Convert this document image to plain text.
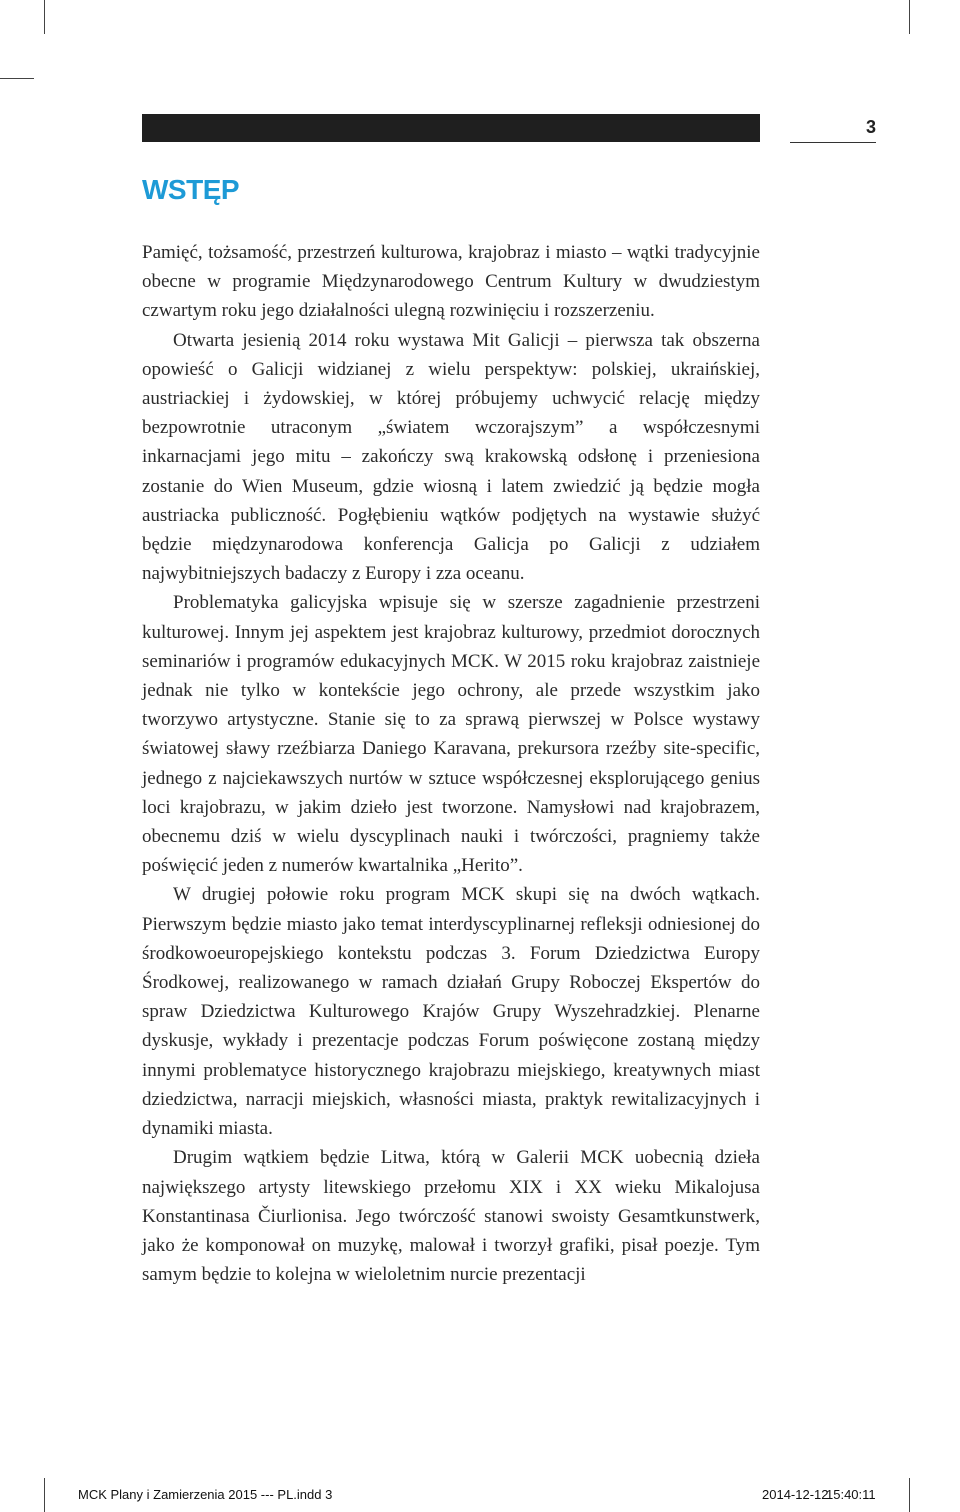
3
WSTĘP

Pamięć, tożsamość, przestrzeń kulturowa, krajobraz i miasto – wątki tradycyjnie obecne w programie Międzynarodowego Centrum Kultury w dwudziestym czwartym roku jego działalności ulegną rozwinięciu i rozszerzeniu.

Otwarta jesienią 2014 roku wystawa Mit Galicji – pierwsza tak obszerna opowieść o Galicji widzianej z wielu perspektyw: polskiej, ukraińskiej, austriackiej i żydowskiej, w której próbujemy uchwycić relację między bezpowrotnie utraconym „światem wczorajszym” a współczesnymi inkarnacjami jego mitu – zakończy swą krakowską odsłonę i przeniesiona zostanie do Wien Museum, gdzie wiosną i latem zwiedzić ją będzie mogła austriacka publiczność. Pogłębieniu wątków podjętych na wystawie służyć będzie międzynarodowa konferencja Galicja po Galicji z udziałem najwybitniejszych badaczy z Europy i zza oceanu.

Problematyka galicyjska wpisuje się w szersze zagadnienie przestrzeni kulturowej. Innym jej aspektem jest krajobraz kulturowy, przedmiot dorocznych seminariów i programów edukacyjnych MCK. W 2015 roku krajobraz zaistnieje jednak nie tylko w kontekście jego ochrony, ale przede wszystkim jako tworzywo artystyczne. Stanie się to za sprawą pierwszej w Polsce wystawy światowej sławy rzeźbiarza Daniego Karavana, prekursora rzeźby site-specific, jednego z najciekawszych nurtów w sztuce współczesnej eksplorującego genius loci krajobrazu, w jakim dzieło jest tworzone. Namysłowi nad krajobrazem, obecnemu dziś w wielu dyscyplinach nauki i twórczości, pragniemy także poświęcić jeden z numerów kwartalnika „Herito”.

W drugiej połowie roku program MCK skupi się na dwóch wątkach. Pierwszym będzie miasto jako temat interdyscyplinarnej refleksji odniesionej do środkowoeuropejskiego kontekstu podczas 3. Forum Dziedzictwa Europy Środkowej, realizowanego w ramach działań Grupy Roboczej Ekspertów do spraw Dziedzictwa Kulturowego Krajów Grupy Wyszehradzkiej. Plenarne dyskusje, wykłady i prezentacje podczas Forum poświęcone zostaną między innymi problematyce historycznego krajobrazu miejskiego, kreatywnych miast dziedzictwa, narracji miejskich, własności miasta, praktyk rewitalizacyjnych i dynamiki miasta.

Drugim wątkiem będzie Litwa, którą w Galerii MCK uobecnią dzieła największego artysty litewskiego przełomu XIX i XX wieku Mikalojusa Konstantinasa Čiurlionisa. Jego twórczość stanowi swoisty Gesamtkunstwerk, jako że komponował on muzykę, malował i tworzył grafiki, pisał poezje. Tym samym będzie to kolejna w wieloletnim nurcie prezentacji

MCK Plany i Zamierzenia 2015 --- PL.indd 3	2014-12-12
15:40:11
